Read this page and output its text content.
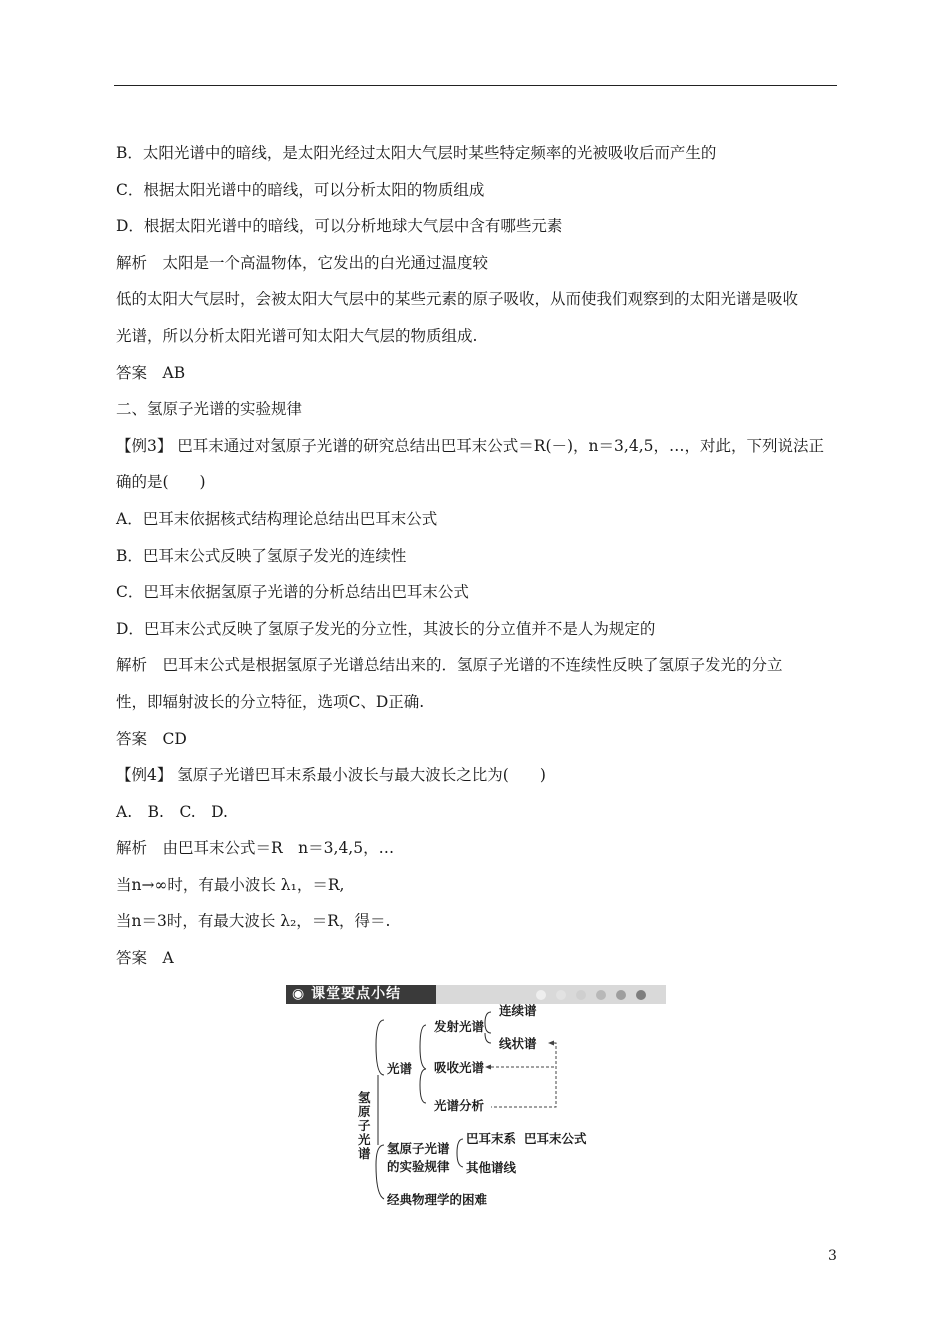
B．太阳光谱中的暗线，是太阳光经过太阳大气层时某些特定频率的光被吸收后而产生的
C．根据太阳光谱中的暗线，可以分析太阳的物质组成
D．根据太阳光谱中的暗线，可以分析地球大气层中含有哪些元素
解析　太阳是一个高温物体，它发出的白光通过温度较
低的太阳大气层时，会被太阳大气层中的某些元素的原子吸收，从而使我们观察到的太阳光谱是吸收
光谱，所以分析太阳光谱可知太阳大气层的物质组成.
答案　AB
二、氢原子光谱的实验规律
【例3】 巴耳末通过对氢原子光谱的研究总结出巴耳末公式＝R(－)，n＝3,4,5，…，对此，下列说法正
确的是(　　)
A．巴耳末依据核式结构理论总结出巴耳末公式
B．巴耳末公式反映了氢原子发光的连续性
C．巴耳末依据氢原子光谱的分析总结出巴耳末公式
D．巴耳末公式反映了氢原子发光的分立性，其波长的分立值并不是人为规定的
解析　巴耳末公式是根据氢原子光谱总结出来的．氢原子光谱的不连续性反映了氢原子发光的分立
性，即辐射波长的分立特征，选项C、D正确.
答案　CD
【例4】 氢原子光谱巴耳末系最小波长与最大波长之比为(　　)
A.　B.　C.　D.
解析　由巴耳末公式＝R　n＝3,4,5，…
当n→∞时，有最小波长 λ₁，＝R,
当n＝3时，有最大波长 λ₂，＝R，得＝.
答案　A
◉ 课堂要点小结
氢原子光谱
光谱
发射光谱
连续谱
线状谱
吸收光谱
光谱分析
氢原子光谱的实验规律
巴耳末系 巴耳末公式
其他谱线
经典物理学的困难
3
